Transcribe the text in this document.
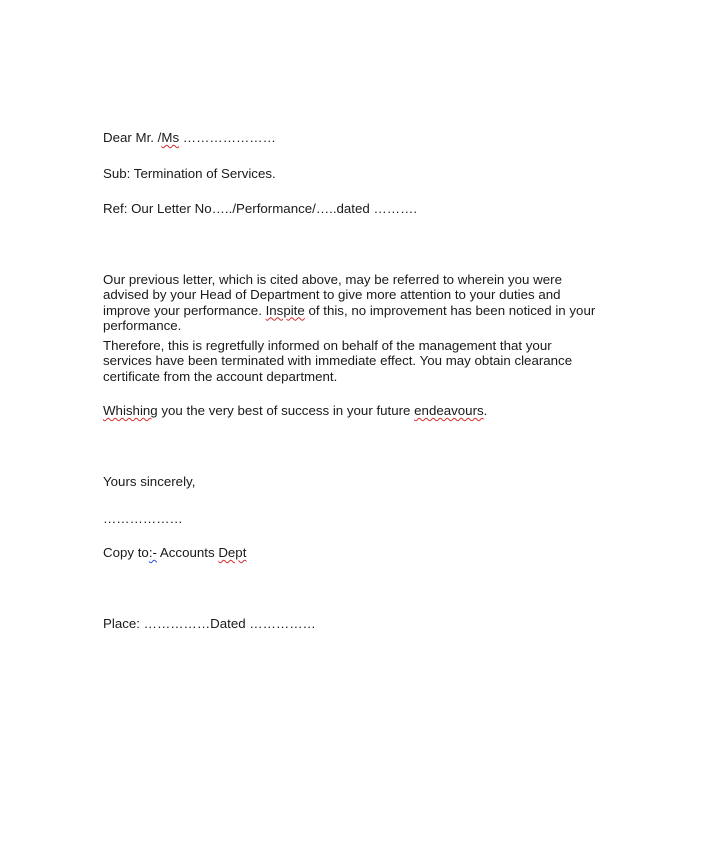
Dear Mr. /Ms …………………

Sub: Termination of Services.

Ref: Our Letter No…../Performance/…..dated ……….

Our previous letter, which is cited above, may be referred to wherein you were advised by your Head of Department to give more attention to your duties and improve your performance. Inspite of this, no improvement has been noticed in your performance.

Therefore, this is regretfully informed on behalf of the management that your services have been terminated with immediate effect. You may obtain clearance certificate from the account department.

Whishing you the very best of success in your future endeavours.

Yours sincerely,

………………

Copy to:- Accounts Dept

Place: ……………Dated ……………
